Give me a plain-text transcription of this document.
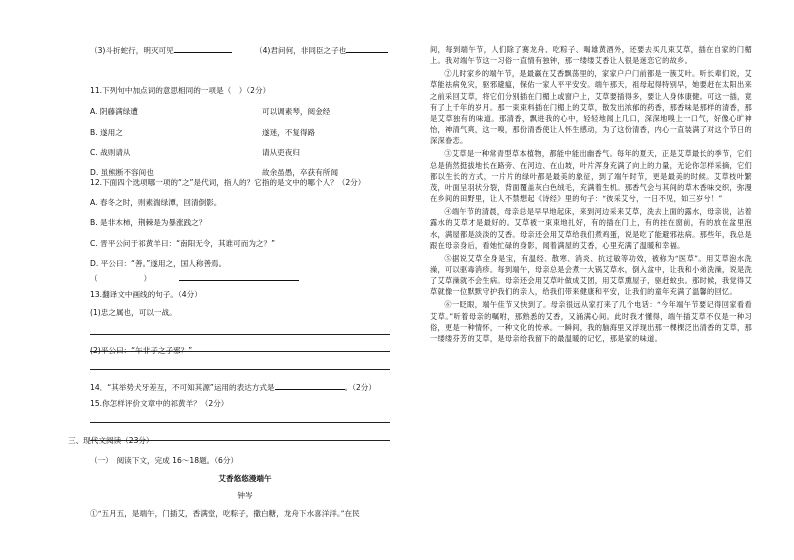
（3)斗折蛇行，明灭可见	（4)君问何，非同臣之子也
11.下列句中加点词的意思相同的一项是（　）（2分）
A. 阴藤满绿遭	可以调素琴，阅金经
B. 遂用之	遂迷，不复得路
C. 战则请从	请从吏夜归
D. 虽熊断不容间也	故余虽愚，卒获有所闻
12.下面四个选项哪一项的“之”是代词，指人的？它指的是文中的哪个人？（2分）
A. 春冬之时，则素湍绿潭，回清倒影。
B. 是非木柿，荆棘是为暴涨践之？
C. 晋平公问于祁黄羊曰：“南阳无令，其谁可而为之？”
D. 平公曰：“善。”遂用之，国人称善焉。
（	）
13.翻译文中画线的句子。（4分）
(1)忠之属也，可以一战。
(2)平公曰：“午非子之子邪？”
14．“其举势犬牙差互，不可知其源”运用的表达方式是	。（2分）
15.你怎样评价文章中的祁黄羊？（2分）
三、现代文阅读（23分）
（一）　阅读下文，完成 16～18题。（6分）
艾香悠悠漫端午
钟岑
①“五月五，是端午，门插艾，香满堂，吃粽子，撒白糖，龙舟下水喜洋洋。”在民

间，每到端午节，人们除了赛龙舟、吃粽子、喝雄黄酒外，还要去买几束艾草，插在自家的门楣上。我对端午节这一习俗一直情有独钟，那一缕缕艾香让人很是迷恋它的故乡。

②儿时家乡的端午节，是最赢在艾香飘荡里的，家家户户门前都是一簇艾叶。听长辈们说，艾草能祛病免灾，驱邪避瘟，保佑一家人平平安安。端午那天，祖母起得特别早，她要赶在太阳出来之前采回艾草，将它们分别插在门楣上或窗户上，艾草要插得多，要让人身体康健。可这一插，竟有了上千年的岁月。那一束束料插在门楣上的艾草，散发出浓郁的药香，那香味是那样的清香，那是艾草独有的味道。那清香，飘进我的心中，轻轻地闻上几口，深深地嗅上一口气，好像心旷神怡，神清气爽，这一嗅，那份清香使让人怀生感动，为了这份清香，内心一直装满了对这个节日的深深眷恋。

③艾草是一种常青型草本植物，都能中能出幽香气。每年的夏天，正是艾草最长的季节，它们总是俏然挺拔地长在路旁、在河边、在山坡，叶片浑身充满了向上的力量，无论你怎样采摘，它们都以生长的方式，一片片的绿叶都是最美的象征，到了端午时节，更是最美的时候。艾草枝叶繁茂，叶面呈羽状分裂，背面覆盖灰白色绒毛，充满着生机。那香气会与其间的草木香味交织，弥漫在乡间的田野里，让人不禁想起《诗经》里的句子：“彼采艾兮，一日不见，如三岁兮！”

④端午节的清晨，母亲总是早早地起床，来到河边采来艾草，洗去上面的露水，母亲说，沾着露水的艾草才是最好的。艾草被一束束地扎好，有的插在门上，有的挂在窗前，有的放在盆里泡水，满屋都是淡淡的艾香。母亲还会用艾草给我们煮鸡蛋，说是吃了能避邪祛病。那些年，我总是跟在母亲身后，看她忙碌的身影，闻着满屋的艾香，心里充满了温暖和幸福。

⑤据说艾草全身是宝，有温经、散寒、消炎、抗过敏等功效，被称为“医草”。用艾草泡水洗澡，可以驱毒消疹。每到端午，母亲总是会煮一大锅艾草水，倒入盆中，让我和小弟洗澡，说是洗了艾草澡就不会生病。母亲还会用艾草叶做成艾团，用艾草熏屋子，驱赶蚊虫。那时候，我觉得艾草就像一位默默守护我们的亲人，给我们带来健康和平安，让我们的童年充满了温馨的回忆。

⑥一眨眼，端午佳节又快到了。母亲很远从家打来了几个电话：“今年端午节要记得回家看看艾草。”听着母亲的嘱咐，那熟悉的艾香，又涌满心间。此时我才懂得，端午插艾草不仅是一种习俗，更是一种情怀，一种文化的传承。一瞬间，我的脑海里又浮现出那一棵棵泛出清香的艾草，那一缕缕芬芳的艾草，是母亲给我留下的最温暖的记忆，那是家的味道。
